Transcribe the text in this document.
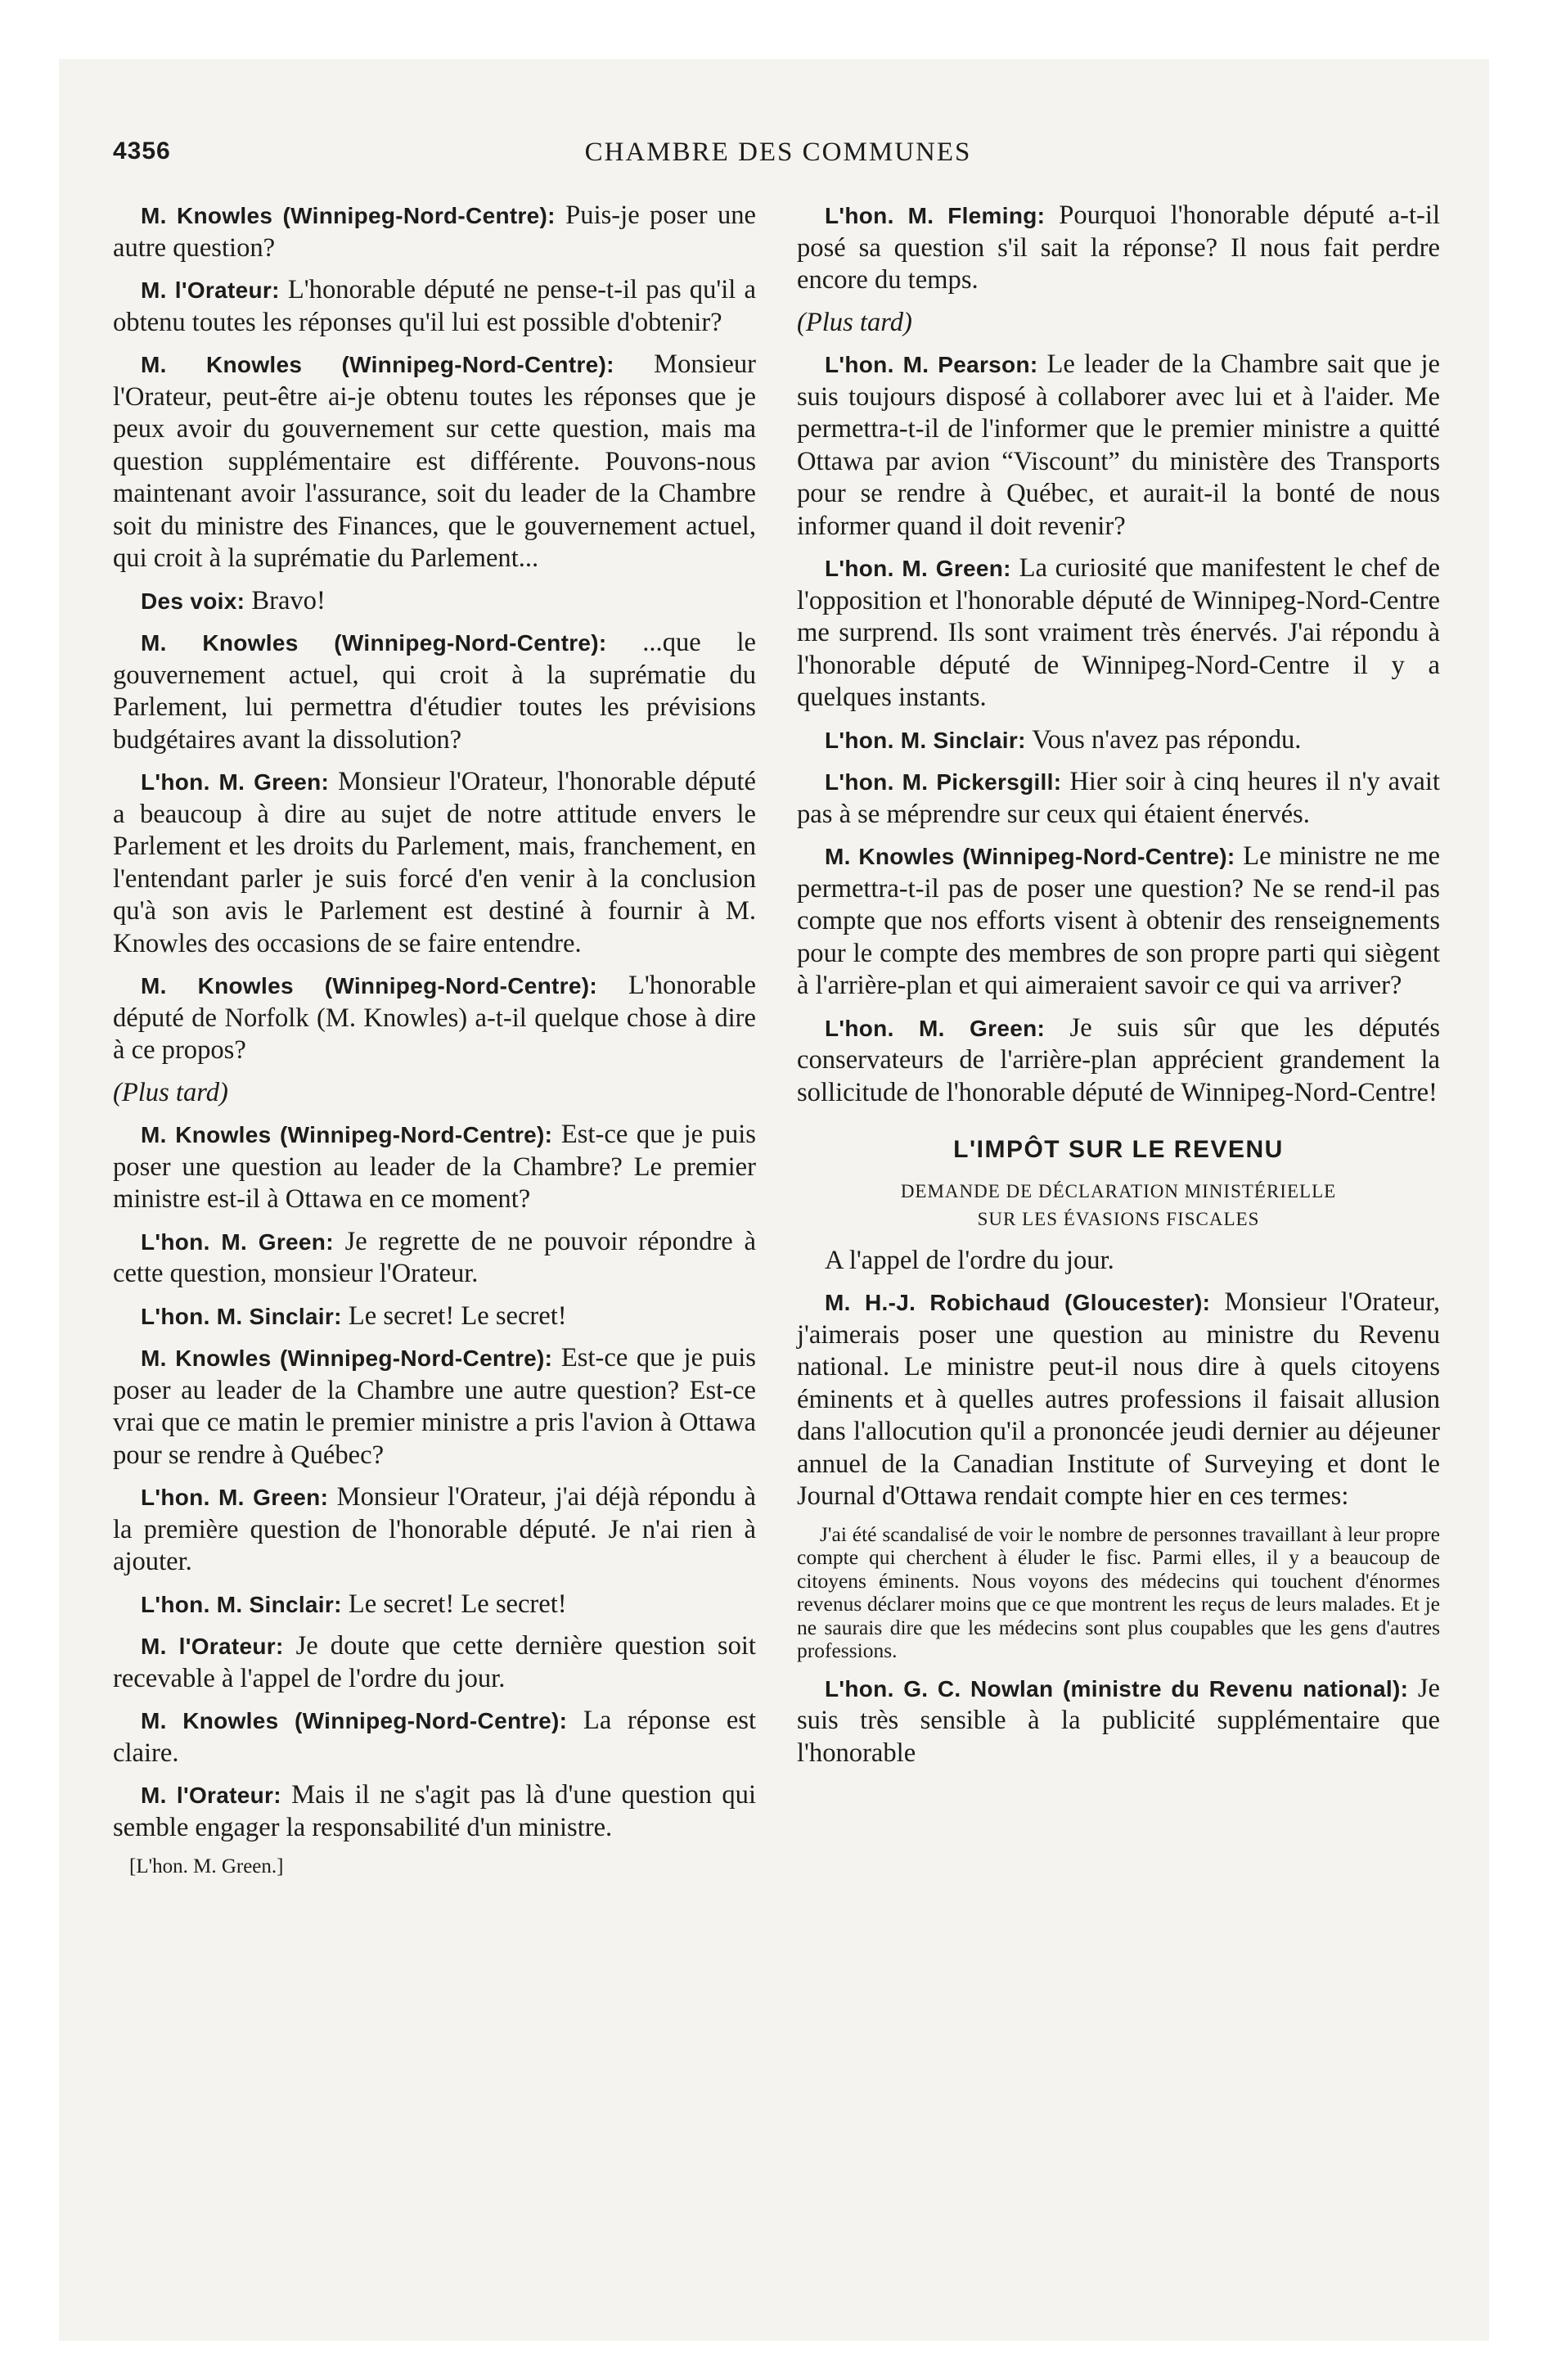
4356	CHAMBRE DES COMMUNES

M. Knowles (Winnipeg-Nord-Centre): Puis-je poser une autre question?

M. l'Orateur: L'honorable député ne pense-t-il pas qu'il a obtenu toutes les réponses qu'il lui est possible d'obtenir?

M. Knowles (Winnipeg-Nord-Centre): Monsieur l'Orateur, peut-être ai-je obtenu toutes les réponses que je peux avoir du gouvernement sur cette question, mais ma question supplémentaire est différente. Pouvons-nous maintenant avoir l'assurance, soit du leader de la Chambre soit du ministre des Finances, que le gouvernement actuel, qui croit à la suprématie du Parlement...

Des voix: Bravo!

M. Knowles (Winnipeg-Nord-Centre): ...que le gouvernement actuel, qui croit à la suprématie du Parlement, lui permettra d'étudier toutes les prévisions budgétaires avant la dissolution?

L'hon. M. Green: Monsieur l'Orateur, l'honorable député a beaucoup à dire au sujet de notre attitude envers le Parlement et les droits du Parlement, mais, franchement, en l'entendant parler je suis forcé d'en venir à la conclusion qu'à son avis le Parlement est destiné à fournir à M. Knowles des occasions de se faire entendre.

M. Knowles (Winnipeg-Nord-Centre): L'honorable député de Norfolk (M. Knowles) a-t-il quelque chose à dire à ce propos?

(Plus tard)

M. Knowles (Winnipeg-Nord-Centre): Est-ce que je puis poser une question au leader de la Chambre? Le premier ministre est-il à Ottawa en ce moment?

L'hon. M. Green: Je regrette de ne pouvoir répondre à cette question, monsieur l'Orateur.

L'hon. M. Sinclair: Le secret! Le secret!

M. Knowles (Winnipeg-Nord-Centre): Est-ce que je puis poser au leader de la Chambre une autre question? Est-ce vrai que ce matin le premier ministre a pris l'avion à Ottawa pour se rendre à Québec?

L'hon. M. Green: Monsieur l'Orateur, j'ai déjà répondu à la première question de l'honorable député. Je n'ai rien à ajouter.

L'hon. M. Sinclair: Le secret! Le secret!

M. l'Orateur: Je doute que cette dernière question soit recevable à l'appel de l'ordre du jour.

M. Knowles (Winnipeg-Nord-Centre): La réponse est claire.

M. l'Orateur: Mais il ne s'agit pas là d'une question qui semble engager la responsabilité d'un ministre.

[L'hon. M. Green.]

L'hon. M. Fleming: Pourquoi l'honorable député a-t-il posé sa question s'il sait la réponse? Il nous fait perdre encore du temps.

(Plus tard)

L'hon. M. Pearson: Le leader de la Chambre sait que je suis toujours disposé à collaborer avec lui et à l'aider. Me permettra-t-il de l'informer que le premier ministre a quitté Ottawa par avion “Viscount” du ministère des Transports pour se rendre à Québec, et aurait-il la bonté de nous informer quand il doit revenir?

L'hon. M. Green: La curiosité que manifestent le chef de l'opposition et l'honorable député de Winnipeg-Nord-Centre me surprend. Ils sont vraiment très énervés. J'ai répondu à l'honorable député de Winnipeg-Nord-Centre il y a quelques instants.

L'hon. M. Sinclair: Vous n'avez pas répondu.

L'hon. M. Pickersgill: Hier soir à cinq heures il n'y avait pas à se méprendre sur ceux qui étaient énervés.

M. Knowles (Winnipeg-Nord-Centre): Le ministre ne me permettra-t-il pas de poser une question? Ne se rend-il pas compte que nos efforts visent à obtenir des renseignements pour le compte des membres de son propre parti qui siègent à l'arrière-plan et qui aimeraient savoir ce qui va arriver?

L'hon. M. Green: Je suis sûr que les députés conservateurs de l'arrière-plan apprécient grandement la sollicitude de l'honorable député de Winnipeg-Nord-Centre!

L'IMPÔT SUR LE REVENU

DEMANDE DE DÉCLARATION MINISTÉRIELLE

SUR LES ÉVASIONS FISCALES

A l'appel de l'ordre du jour.

M. H.-J. Robichaud (Gloucester): Monsieur l'Orateur, j'aimerais poser une question au ministre du Revenu national. Le ministre peut-il nous dire à quels citoyens éminents et à quelles autres professions il faisait allusion dans l'allocution qu'il a prononcée jeudi dernier au déjeuner annuel de la Canadian Institute of Surveying et dont le Journal d'Ottawa rendait compte hier en ces termes:

J'ai été scandalisé de voir le nombre de personnes travaillant à leur propre compte qui cherchent à éluder le fisc. Parmi elles, il y a beaucoup de citoyens éminents. Nous voyons des médecins qui touchent d'énormes revenus déclarer moins que ce que montrent les reçus de leurs malades. Et je ne saurais dire que les médecins sont plus coupables que les gens d'autres professions.

L'hon. G. C. Nowlan (ministre du Revenu national): Je suis très sensible à la publicité supplémentaire que l'honorable
